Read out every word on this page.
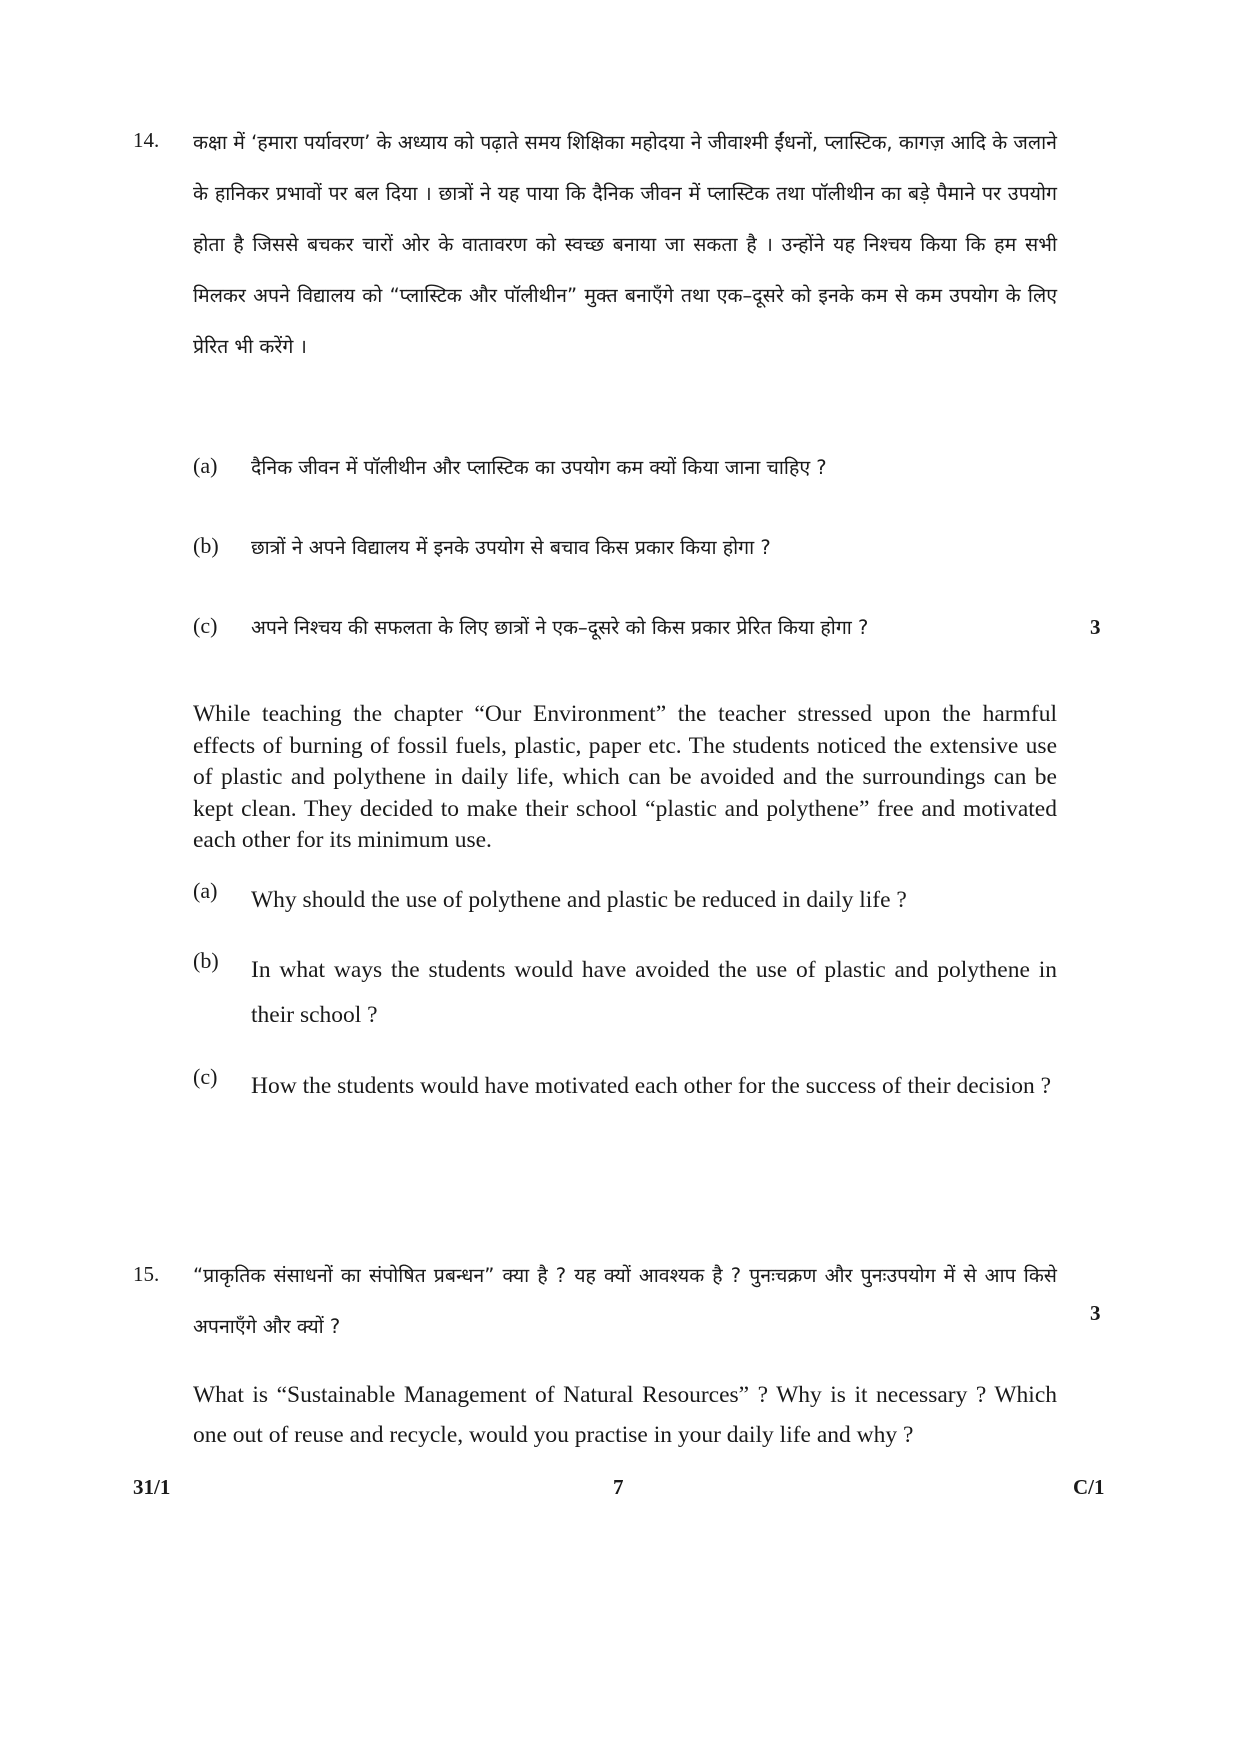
14. कक्षा में ‘हमारा पर्यावरण’ के अध्याय को पढ़ाते समय शिक्षिका महोदया ने जीवाश्मी ईंधनों, प्लास्टिक, कागज़ आदि के जलाने के हानिकर प्रभावों पर बल दिया । छात्रों ने यह पाया कि दैनिक जीवन में प्लास्टिक तथा पॉलीथीन का बड़े पैमाने पर उपयोग होता है जिससे बचकर चारों ओर के वातावरण को स्वच्छ बनाया जा सकता है । उन्होंने यह निश्चय किया कि हम सभी मिलकर अपने विद्यालय को “प्लास्टिक और पॉलीथीन” मुक्त बनाएँगे तथा एक–दूसरे को इनके कम से कम उपयोग के लिए प्रेरित भी करेंगे ।
(a)	दैनिक जीवन में पॉलीथीन और प्लास्टिक का उपयोग कम क्यों किया जाना चाहिए ?
(b)	छात्रों ने अपने विद्यालय में इनके उपयोग से बचाव किस प्रकार किया होगा ?
(c)	अपने निश्चय की सफलता के लिए छात्रों ने एक–दूसरे को किस प्रकार प्रेरित किया होगा ?	3
While teaching the chapter “Our Environment” the teacher stressed upon the harmful effects of burning of fossil fuels, plastic, paper etc. The students noticed the extensive use of plastic and polythene in daily life, which can be avoided and the surroundings can be kept clean. They decided to make their school “plastic and polythene” free and motivated each other for its minimum use.
(a)	Why should the use of polythene and plastic be reduced in daily life ?
(b)	In what ways the students would have avoided the use of plastic and polythene in their school ?
(c)	How the students would have motivated each other for the success of their decision ?
15. “प्राकृतिक संसाधनों का संपोषित प्रबन्धन” क्या है ? यह क्यों आवश्यक है ? पुनःचक्रण और पुनःउपयोग में से आप किसे अपनाएँगे और क्यों ?
3
What is “Sustainable Management of Natural Resources” ? Why is it necessary ? Which one out of reuse and recycle, would you practise in your daily life and why ?
31/1	7	C/1
